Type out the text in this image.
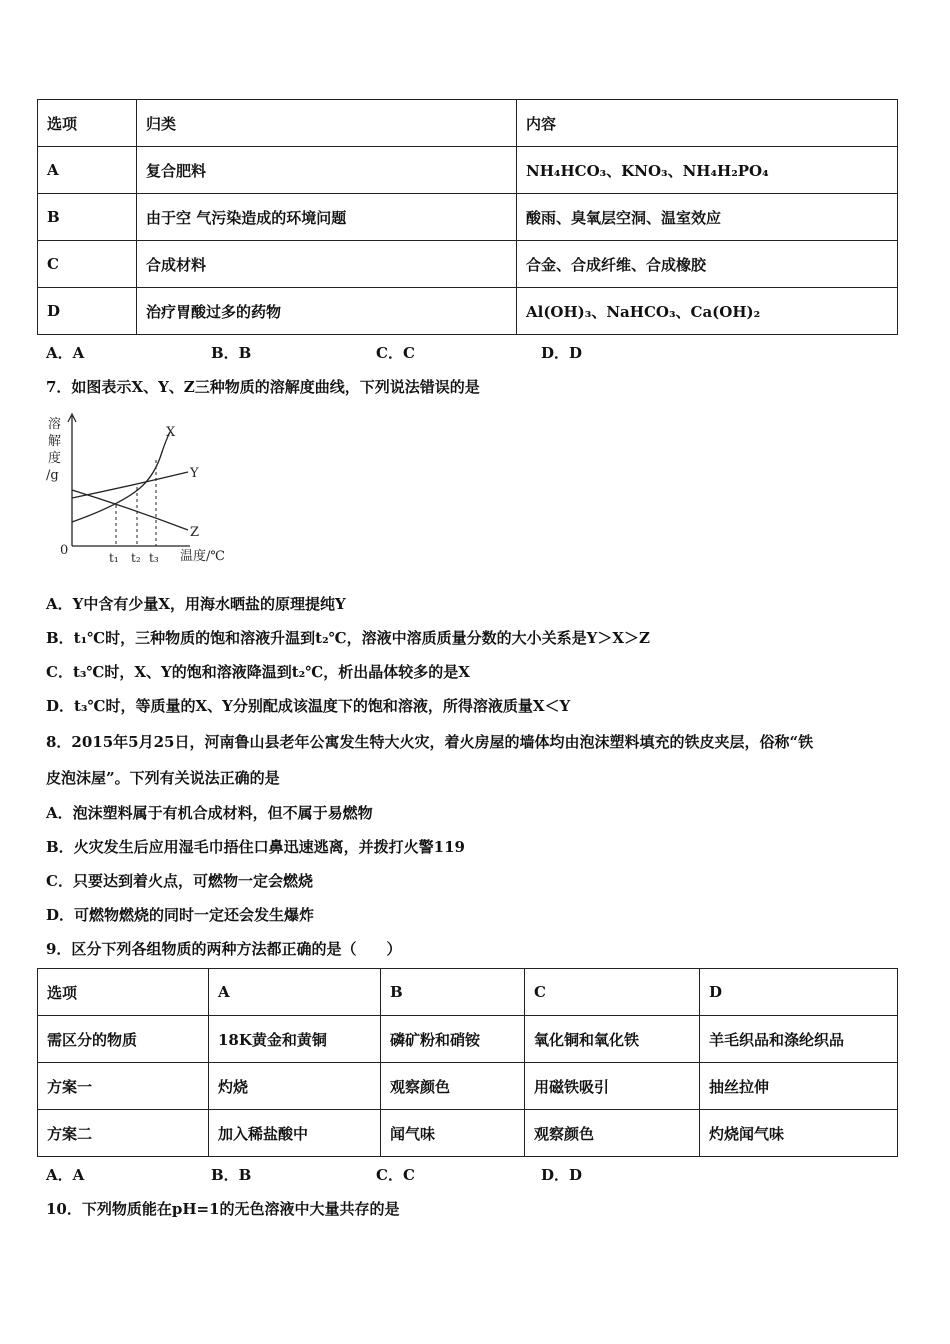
选项	归类	内容
A	复合肥料	NH₄HCO₃、KNO₃、NH₄H₂PO₄
B	由于空 气污染造成的环境问题	酸雨、臭氧层空洞、温室效应
C	合成材料	合金、合成纤维、合成橡胶
D	治疗胃酸过多的药物	Al(OH)₃、NaHCO₃、Ca(OH)₂
A．A	B．B	C．C	D．D
7．如图表示X、Y、Z三种物质的溶解度曲线，下列说法错误的是
溶
解
度
/g
0	温度/℃
t₁ t₂ t₃
X
Y
Z
A．Y中含有少量X，用海水晒盐的原理提纯Y
B．t₁℃时，三种物质的饱和溶液升温到t₂℃，溶液中溶质质量分数的大小关系是Y＞X＞Z
C．t₃℃时，X、Y的饱和溶液降温到t₂℃，析出晶体较多的是X
D．t₃℃时，等质量的X、Y分别配成该温度下的饱和溶液，所得溶液质量X＜Y
8．2015年5月25日，河南鲁山县老年公寓发生特大火灾，着火房屋的墙体均由泡沫塑料填充的铁皮夹层，俗称“铁
皮泡沫屋”。下列有关说法正确的是
A．泡沫塑料属于有机合成材料，但不属于易燃物
B．火灾发生后应用湿毛巾捂住口鼻迅速逃离，并拨打火警119
C．只要达到着火点，可燃物一定会燃烧
D．可燃物燃烧的同时一定还会发生爆炸
9．区分下列各组物质的两种方法都正确的是（　　）
选项	A	B	C	D
需区分的物质	18K黄金和黄铜	磷矿粉和硝铵	氧化铜和氧化铁	羊毛织品和涤纶织品
方案一	灼烧	观察颜色	用磁铁吸引	抽丝拉伸
方案二	加入稀盐酸中	闻气味	观察颜色	灼烧闻气味
A．A	B．B	C．C	D．D
10．下列物质能在pH=1的无色溶液中大量共存的是
